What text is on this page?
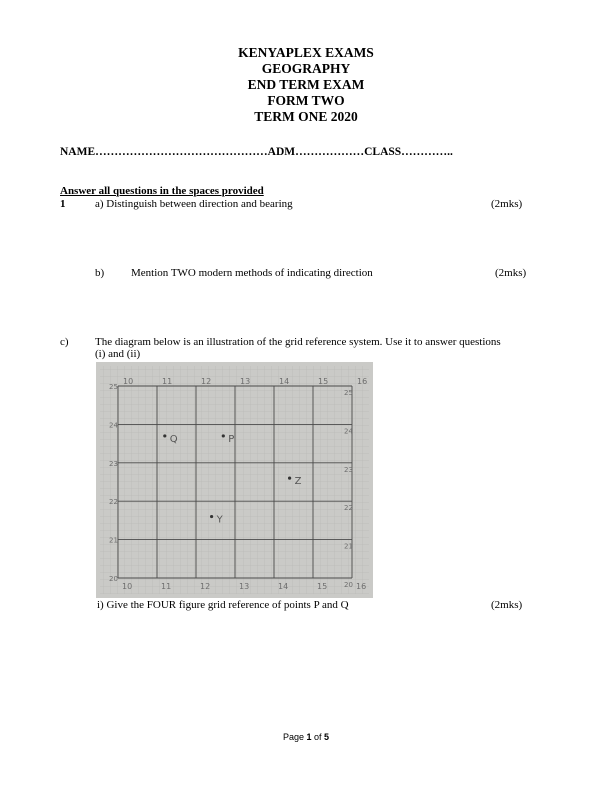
KENYAPLEX EXAMS
GEOGRAPHY
END TERM EXAM
FORM TWO
TERM ONE 2020
NAME………………………………………ADM………………CLASS…………..
Answer all questions in the spaces provided
1	a) Distinguish between direction and bearing	(2mks)
b) Mention TWO modern methods of indicating direction	(2mks)
c) The diagram below is an illustration of the grid reference system. Use it to answer questions
(i) and (ii)
10	11	12	13	14	15	16
10	11	12	13	14	15	16
25
24
23
22
21
20
25
24
23
22
21
20
Q	P
Z
Y
i) Give the FOUR figure grid reference of points P and Q	(2mks)
Page 1 of 5
